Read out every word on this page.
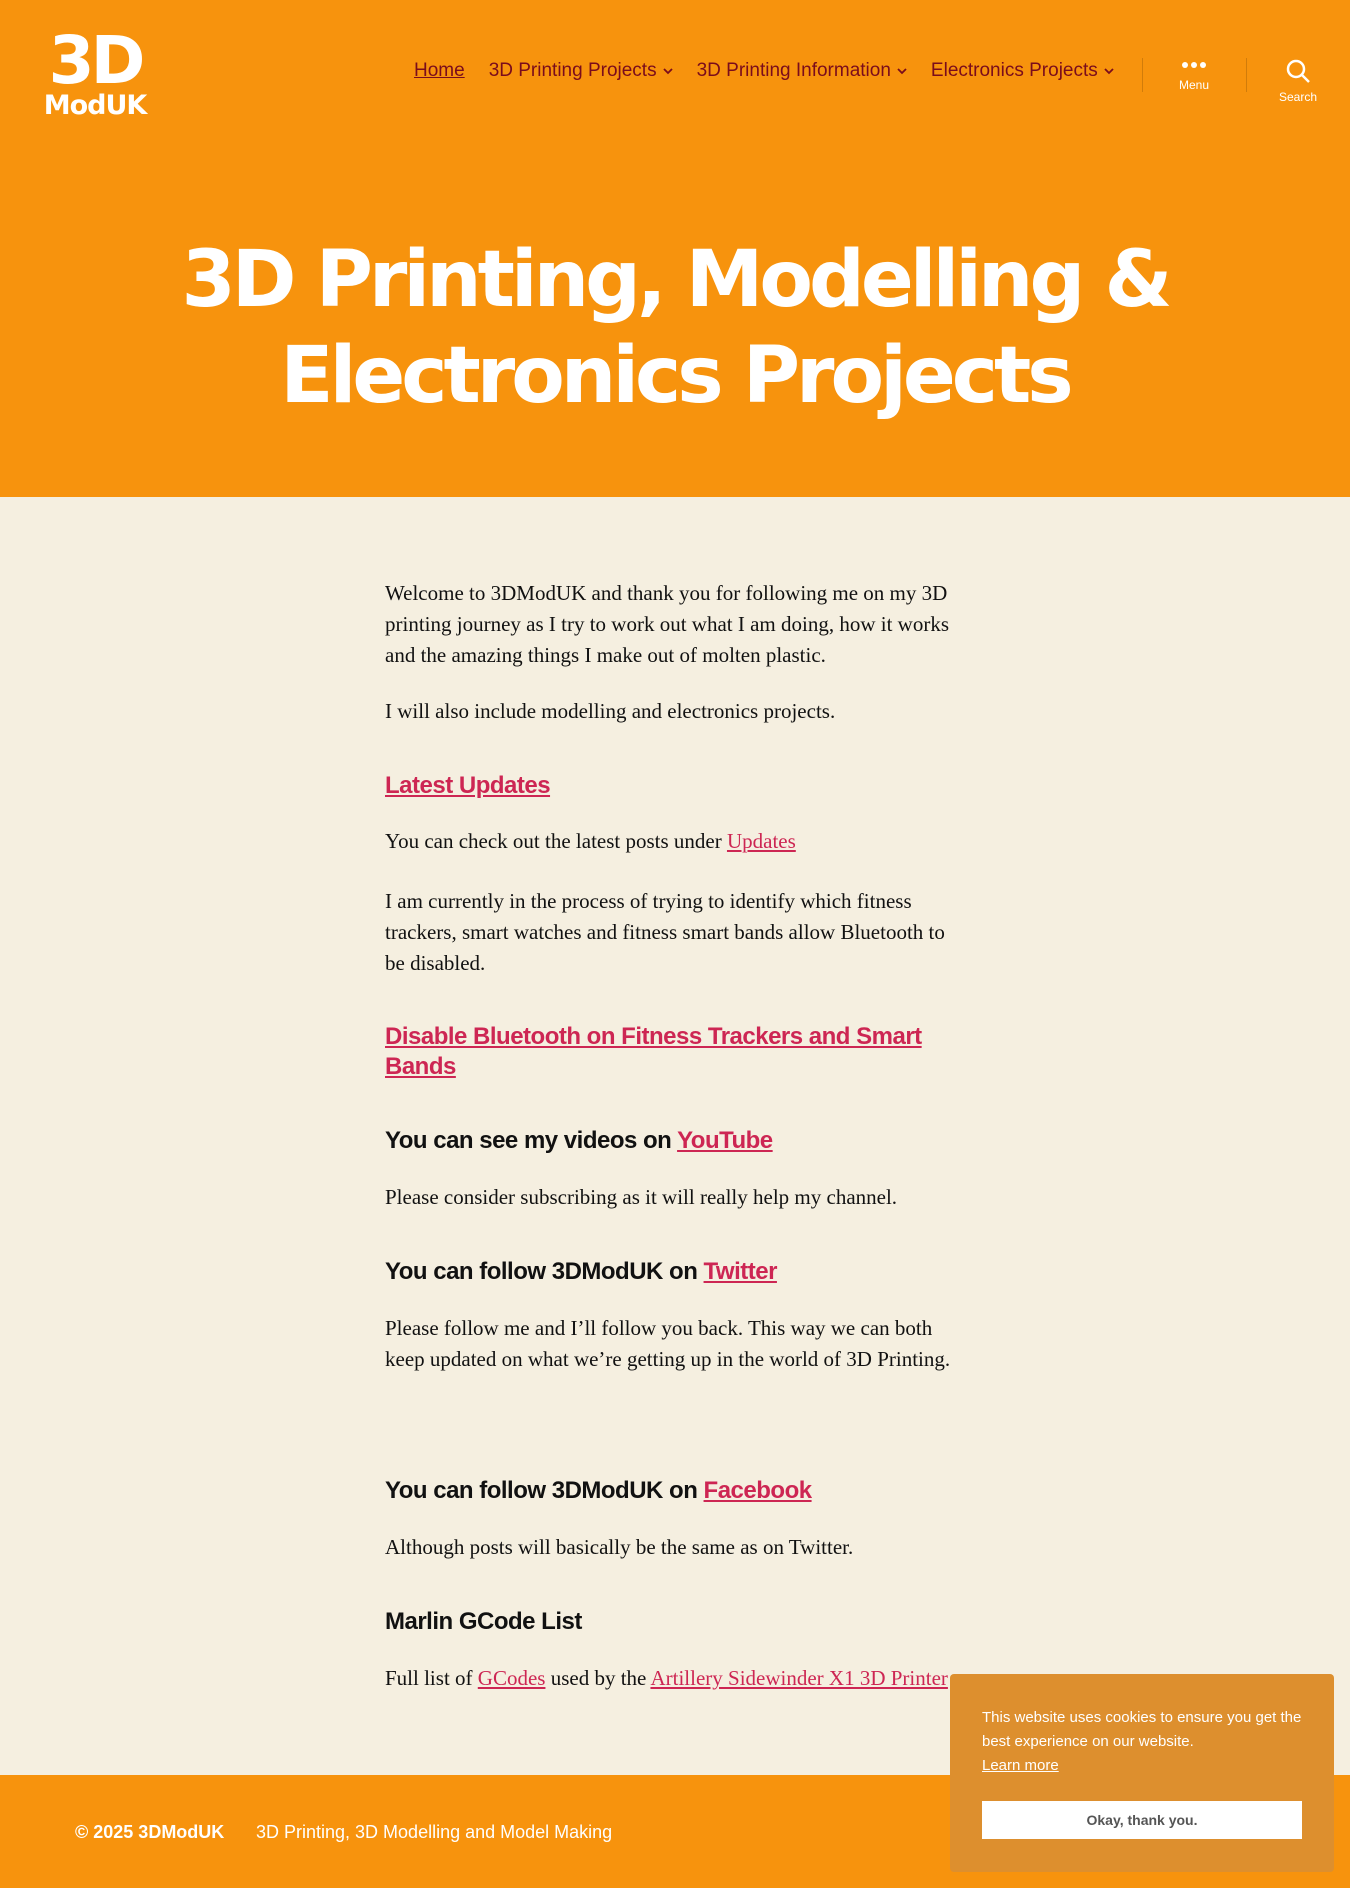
3D
ModUK
Home 3D Printing Projects 3D Printing Information Electronics Projects
Menu
Search
3D Printing, Modelling & Electronics Projects

Welcome to 3DModUK and thank you for following me on my 3D printing journey as I try to work out what I am doing, how it works and the amazing things I make out of molten plastic.

I will also include modelling and electronics projects.

Latest Updates

You can check out the latest posts under Updates

I am currently in the process of trying to identify which fitness trackers, smart watches and fitness smart bands allow Bluetooth to be disabled.

Disable Bluetooth on Fitness Trackers and Smart Bands
You can see my videos on YouTube

Please consider subscribing as it will really help my channel.

You can follow 3DModUK on Twitter

Please follow me and I’ll follow you back. This way we can both keep updated on what we’re getting up in the world of 3D Printing.

You can follow 3DModUK on Facebook

Although posts will basically be the same as on Twitter.

Marlin GCode List

Full list of GCodes used by the Artillery Sidewinder X1 3D Printer

© 2025 3DModUK 3D Printing, 3D Modelling and Model Making
This website uses cookies to ensure you get the best experience on our website.
Learn more
Okay, thank you.
